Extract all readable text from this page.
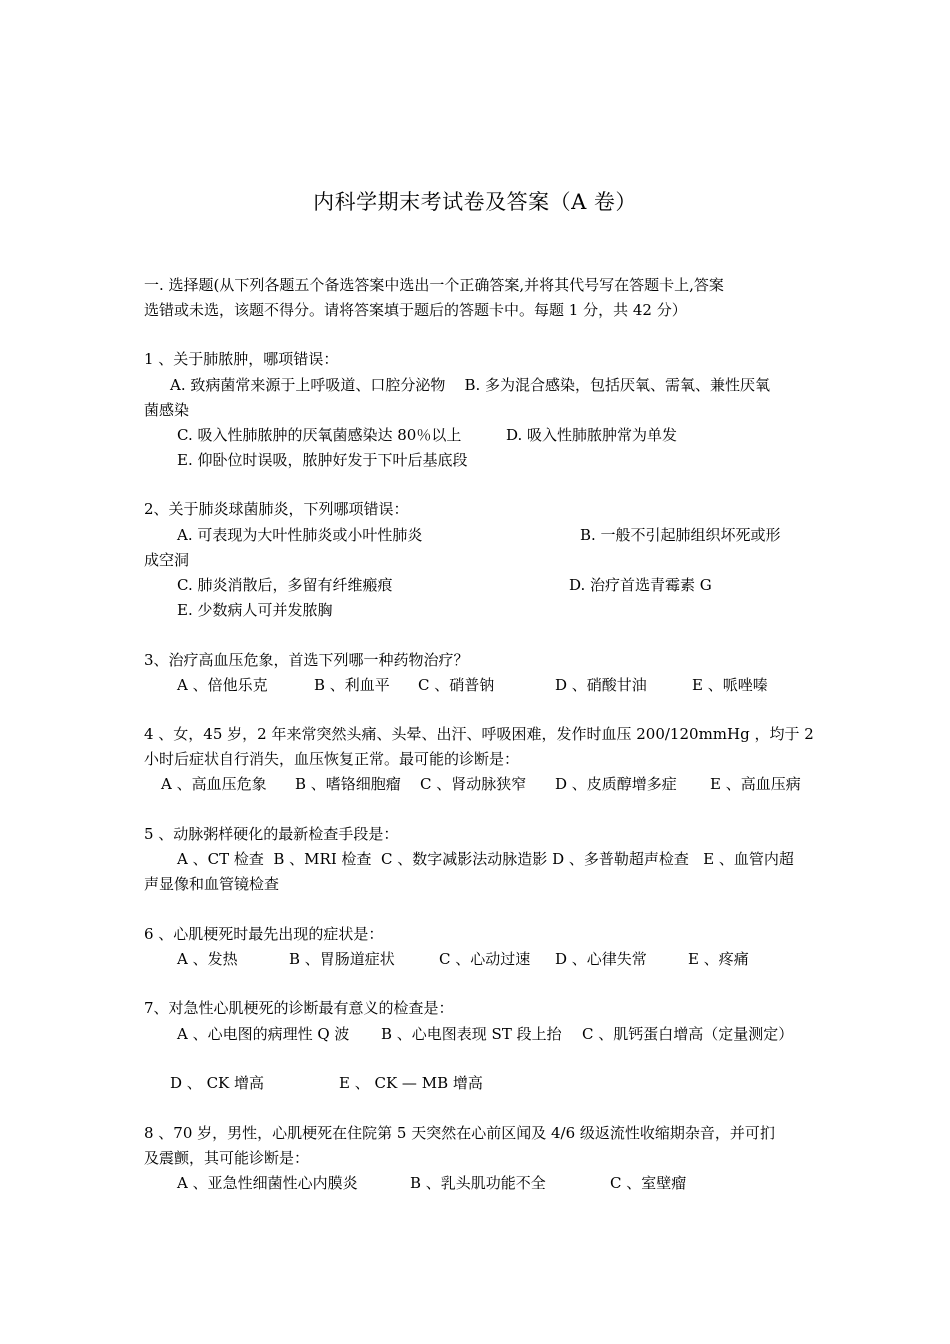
内科学期末考试卷及答案（A 卷）
一. 选择题(从下列各题五个备选答案中选出一个正确答案,并将其代号写在答题卡上,答案
选错或未选，该题不得分。请将答案填于题后的答题卡中。每题 1 分，共 42 分）
1 、关于肺脓肿，哪项错误：
A. 致病菌常来源于上呼吸道、口腔分泌物    B. 多为混合感染，包括厌氧、需氧、兼性厌氧
菌感染

C. 吸入性肺脓肿的厌氧菌感染达 80％以上

	D. 吸入性肺脓肿常为单发

E. 仰卧位时误吸，脓肿好发于下叶后基底段
2、关于肺炎球菌肺炎，下列哪项错误：

A. 可表现为大叶性肺炎或小叶性肺炎

	B. 一般不引起肺组织坏死或形

成空洞

C. 肺炎消散后，多留有纤维瘢痕

	D. 治疗首选青霉素 G

E. 少数病人可并发脓胸
3、治疗高血压危象，首选下列哪一种药物治疗？

A 、倍他乐克

	B 、利血平

C 、硝普钠

	D 、硝酸甘油

	E 、哌唑嗪

4 、女，45 岁，2 年来常突然头痛、头晕、出汗、呼吸困难，发作时血压 200/120mmHg ，均于 2
小时后症状自行消失，血压恢复正常。最可能的诊断是：

A 、高血压危象

B 、嗜铬细胞瘤

C 、肾动脉狭窄

D 、皮质醇增多症

E 、高血压病

5 、动脉粥样硬化的最新检查手段是：
A 、CT 检查  B 、MRI 检查  C 、数字减影法动脉造影 D 、多普勒超声检查   E 、血管内超
声显像和血管镜检查
6 、心肌梗死时最先出现的症状是：

A 、发热

	B 、胃肠道症状

	C 、心动过速

D 、心律失常

	E 、疼痛

7、对急性心肌梗死的诊断最有意义的检查是：

A 、心电图的病理性 Q 波

B 、心电图表现 ST 段上抬

C 、肌钙蛋白增高（定量测定）

D 、 CK 增高

	E 、 CK — MB 增高

8 、70 岁，男性，心肌梗死在住院第 5 天突然在心前区闻及 4/6 级返流性收缩期杂音，并可扪
及震颤，其可能诊断是：

A 、亚急性细菌性心内膜炎

	B 、乳头肌功能不全

	C 、室壁瘤
